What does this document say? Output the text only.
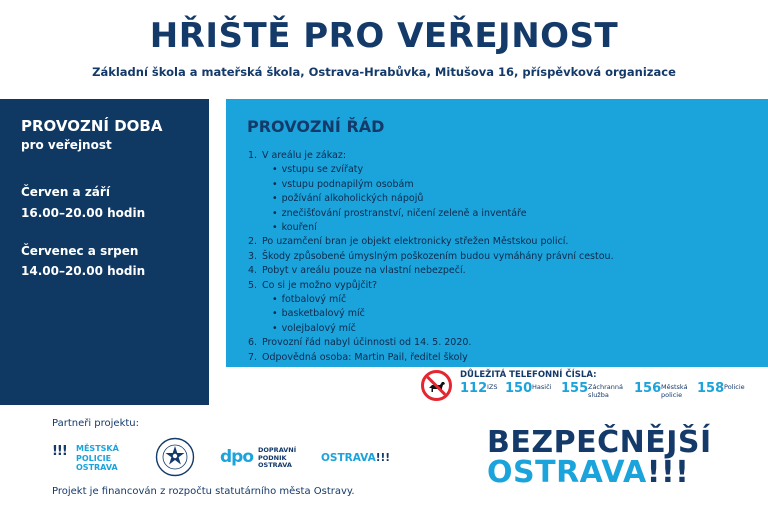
HŘIŠTĚ PRO VEŘEJNOST
Základní škola a mateřská škola, Ostrava-Hrabůvka, Mitušova 16, příspěvková organizace
PROVOZNÍ DOBA
pro veřejnost
Červen a září
16.00–20.00 hodin
Červenec a srpen
14.00–20.00 hodin
PROVOZNÍ ŘÁD
1. V areálu je zákaz:
• vstupu se zvířaty
• vstupu podnapilým osobám
• požívání alkoholických nápojů
• znečišťování prostranství, ničení zeleně a inventáře
• kouření
2. Po uzamčení bran je objekt elektronicky střežen Městskou policí.
3. Škody způsobené úmyslným poškozením budou vymáhány právní cestou.
4. Pobyt v areálu pouze na vlastní nebezpečí.
5. Co si je možno vypůjčit?
• fotbalový míč
• basketbalový míč
• volejbalový míč
6. Provozní řád nabyl účinnosti od 14. 5. 2020.
7. Odpovědná osoba: Martin Pail, ředitel školy
DŮLEŽITÁ TELEFONNÍ ČÍSLA:
112 IZS 150 Hasiči 155 Záchranná
služba	156 Městská
policie	158 Policie
Partneři projektu:
!!! MĚSTSKÁ
POLICIE
OSTRAVA
dpo DOPRAVNÍ
PODNIK
OSTRAVA
OSTRAVA!!!
Projekt je financován z rozpočtu statutárního města Ostravy.
BEZPEČNĚJŠÍ
OSTRAVA!!!
